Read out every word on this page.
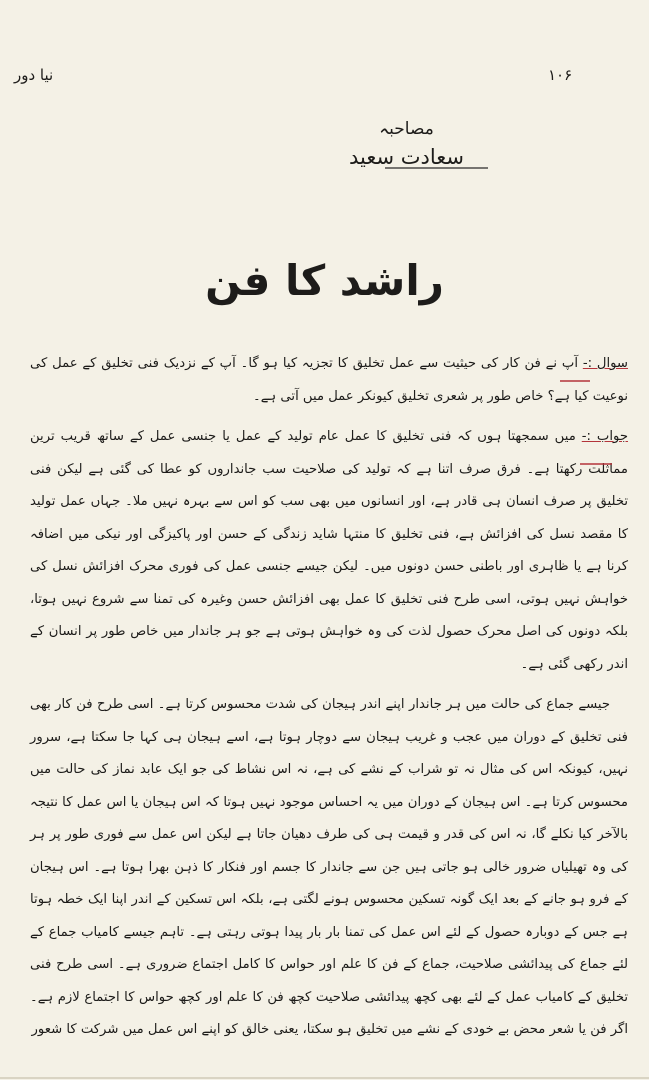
نیا دور	۱۰۶
مصاحبہ
سعادت سعید
راشد کا فن

سوال :- آپ نے فن کار کی حیثیت سے عمل تخلیق کا تجزیہ کیا ہو گا۔ آپ کے نزدیک فنی تخلیق کے عمل کی نوعیت کیا ہے؟ خاص طور پر شعری تخلیق کیونکر عمل میں آتی ہے۔

جواب :- میں سمجھتا ہوں کہ فنی تخلیق کا عمل عام تولید کے عمل یا جنسی عمل کے ساتھ قریب ترین مماثلت رکھتا ہے۔ فرق صرف اتنا ہے کہ تولید کی صلاحیت سب جانداروں کو عطا کی گئی ہے لیکن فنی تخلیق پر صرف انسان ہی قادر ہے، اور انسانوں میں بھی سب کو اس سے بہرہ نہیں ملا۔ جہاں عمل تولید کا مقصد نسل کی افزائش ہے، فنی تخلیق کا منتہا شاید زندگی کے حسن اور پاکیزگی اور نیکی میں اضافہ کرنا ہے یا ظاہری اور باطنی حسن دونوں میں۔ لیکن جیسے جنسی عمل کی فوری محرک افزائش نسل کی خواہش نہیں ہوتی، اسی طرح فنی تخلیق کا عمل بھی افزائش حسن وغیرہ کی تمنا سے شروع نہیں ہوتا، بلکہ دونوں کی اصل محرک حصول لذت کی وہ خواہش ہوتی ہے جو ہر جاندار میں خاص طور پر انسان کے اندر رکھی گئی ہے۔

جیسے جماع کی حالت میں ہر جاندار اپنے اندر ہیجان کی شدت محسوس کرتا ہے۔ اسی طرح فن کار بھی فنی تخلیق کے دوران میں عجب و غریب ہیجان سے دوچار ہوتا ہے، اسے ہیجان ہی کہا جا سکتا ہے، سرور نہیں، کیونکہ اس کی مثال نہ تو شراب کے نشے کی ہے، نہ اس نشاط کی جو ایک عابد نماز کی حالت میں محسوس کرتا ہے۔ اس ہیجان کے دوران میں یہ احساس موجود نہیں ہوتا کہ اس ہیجان یا اس عمل کا نتیجہ بالآخر کیا نکلے گا، نہ اس کی قدر و قیمت ہی کی طرف دھیان جاتا ہے لیکن اس عمل سے فوری طور پر ہر کی وہ تھیلیاں ضرور خالی ہو جاتی ہیں جن سے جاندار کا جسم اور فنکار کا ذہن بھرا ہوتا ہے۔ اس ہیجان کے فرو ہو جانے کے بعد ایک گونہ تسکین محسوس ہونے لگتی ہے، بلکہ اس تسکین کے اندر اپنا ایک خطہ ہوتا ہے جس کے دوبارہ حصول کے لئے اس عمل کی تمنا بار بار پیدا ہوتی رہتی ہے۔ تاہم جیسے کامیاب جماع کے لئے جماع کی پیدائشی صلاحیت، جماع کے فن کا علم اور حواس کا کامل اجتماع ضروری ہے۔ اسی طرح فنی تخلیق کے کامیاب عمل کے لئے بھی کچھ پیدائشی صلاحیت کچھ فن کا علم اور کچھ حواس کا اجتماع لازم ہے۔ اگر فن یا شعر محض بے خودی کے نشے میں تخلیق ہو سکتا، یعنی خالق کو اپنے اس عمل میں شرکت کا شعور
